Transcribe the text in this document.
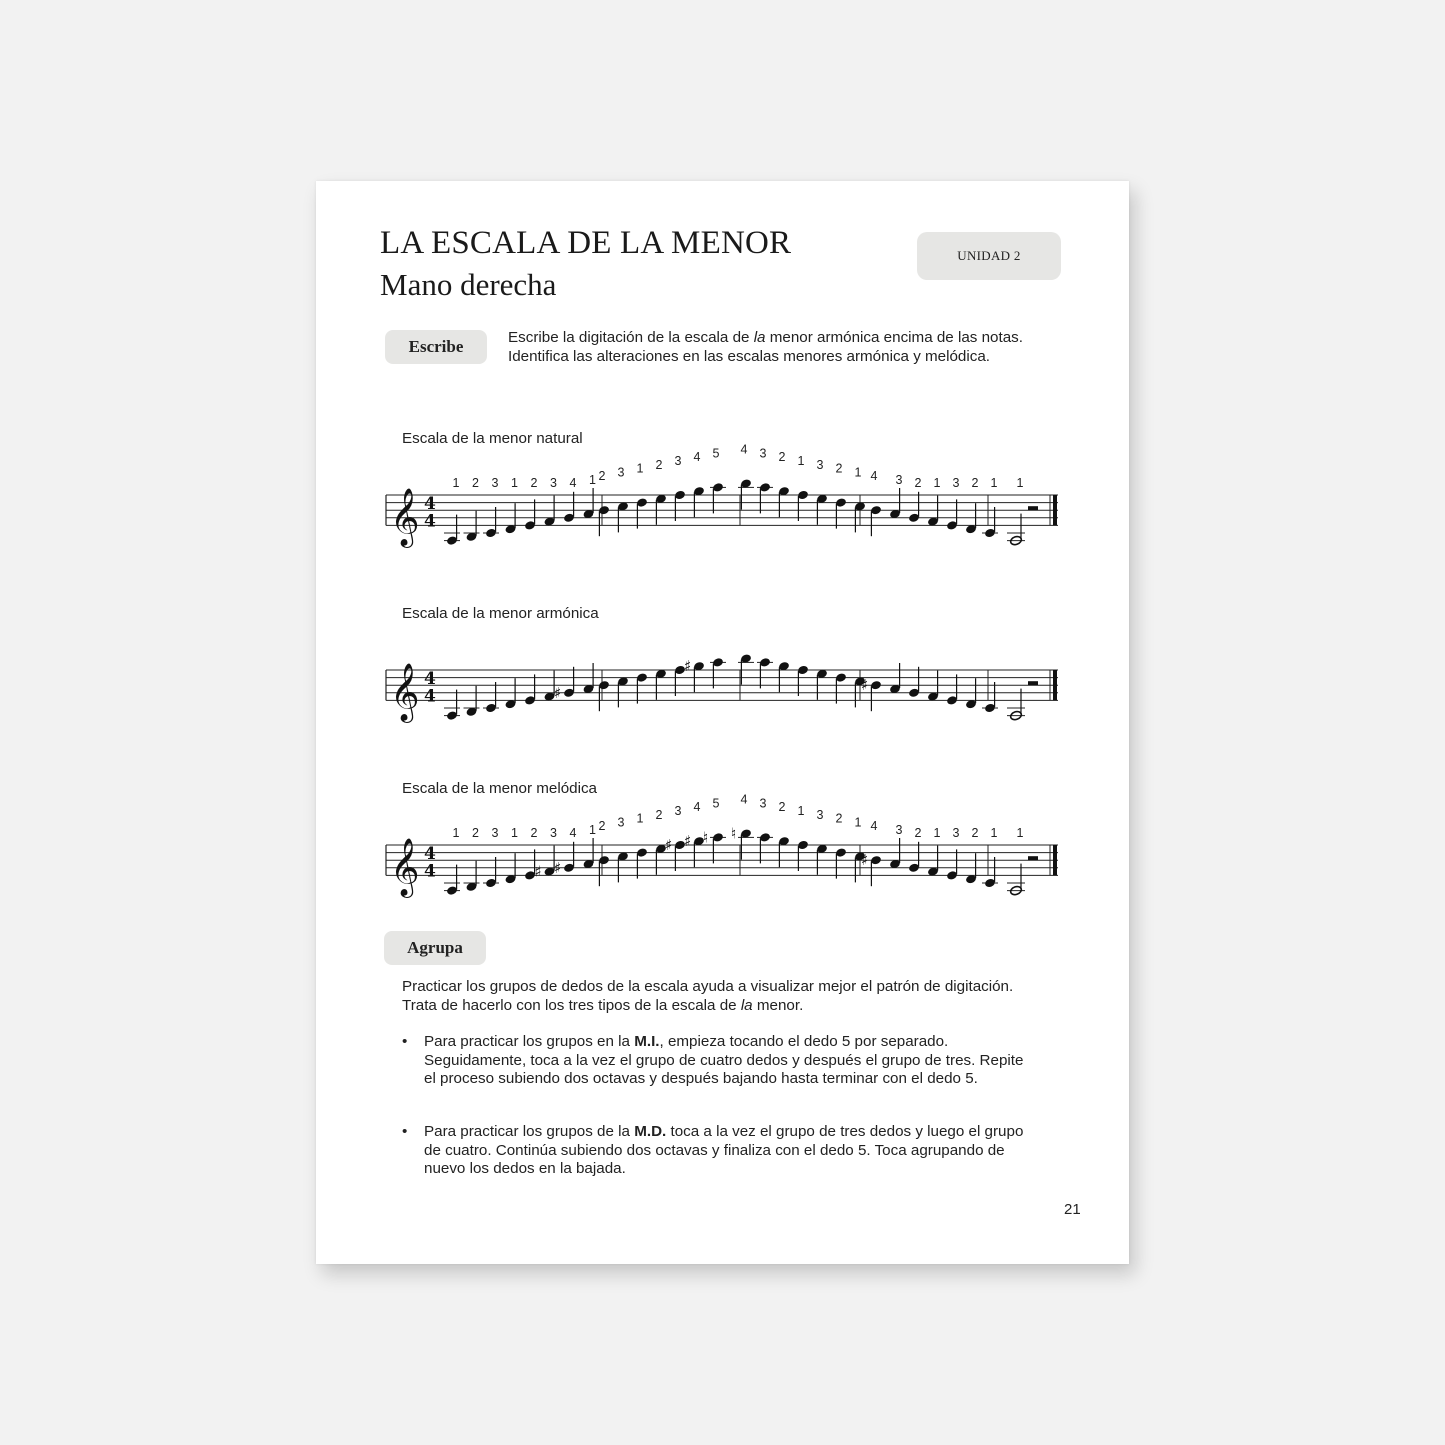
LA ESCALA DE LA MENOR
Mano derecha
UNIDAD 2
Escribe	Escribe la digitación de la escala de la menor armónica encima de las notas. Identifica las alteraciones en las escalas menores armónica y melódica.
Escala de la menor natural
𝄞 4
4
1 2 3 1 2 3 4 1 2 3 1 2 3 4 5 4 3 2 1 3 2 1 4 3 2 1 3 2 1 1
Escala de la menor armónica
𝄞 4
4	♯
♯
♯
Escala de la menor melódica
𝄞 4
4
1 2 3 1 2
♯
3
♯
4 1 2 3 1 2
♯
3
♯
4
♮
5
♮
4 3 2 1 3 2 1
♯
4 3 2 1 3 2 1 1
Agrupa
Practicar los grupos de dedos de la escala ayuda a visualizar mejor el patrón de digitación. Trata de hacerlo con los tres tipos de la escala de la menor.
• Para practicar los grupos en la M.I., empieza tocando el dedo 5 por separado. Seguidamente, toca a la vez el grupo de cuatro dedos y después el grupo de tres. Repite el proceso subiendo dos octavas y después bajando hasta terminar con el dedo 5.
• Para practicar los grupos de la M.D. toca a la vez el grupo de tres dedos y luego el grupo de cuatro. Continúa subiendo dos octavas y finaliza con el dedo 5. Toca agrupando de nuevo los dedos en la bajada.
21
